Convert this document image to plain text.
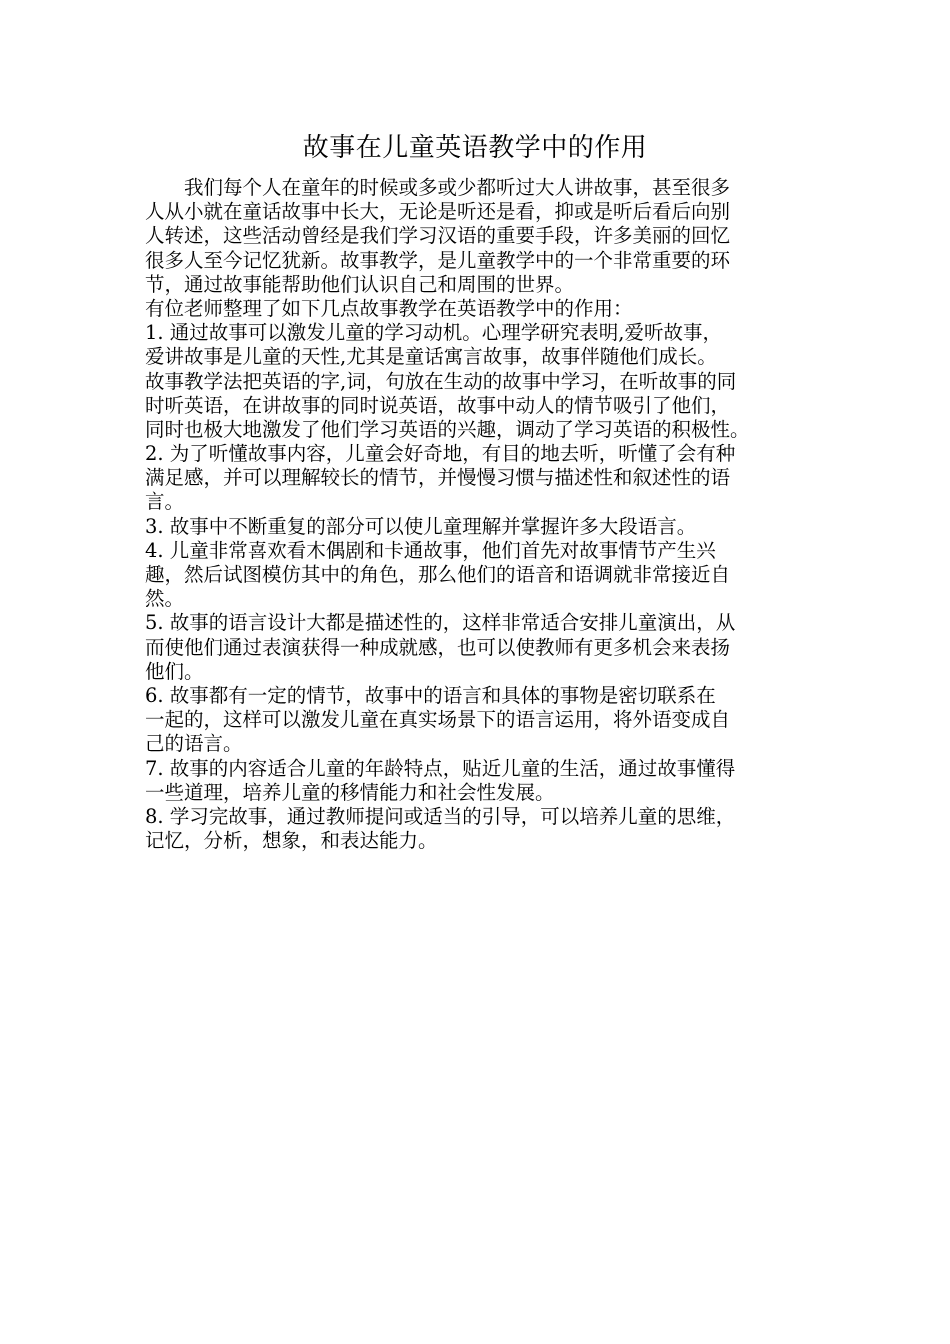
故事在儿童英语教学中的作用
　　我们每个人在童年的时候或多或少都听过大人讲故事，甚至很多
人从小就在童话故事中长大，无论是听还是看，抑或是听后看后向别
人转述，这些活动曾经是我们学习汉语的重要手段，许多美丽的回忆
很多人至今记忆犹新。故事教学，是儿童教学中的一个非常重要的环
节，通过故事能帮助他们认识自己和周围的世界。
有位老师整理了如下几点故事教学在英语教学中的作用：
1. 通过故事可以激发儿童的学习动机。心理学研究表明,爱听故事，
爱讲故事是儿童的天性,尤其是童话寓言故事，故事伴随他们成长。
故事教学法把英语的字,词，句放在生动的故事中学习，在听故事的同
时听英语，在讲故事的同时说英语，故事中动人的情节吸引了他们，
同时也极大地激发了他们学习英语的兴趣，调动了学习英语的积极性。
2. 为了听懂故事内容，儿童会好奇地，有目的地去听，听懂了会有种
满足感，并可以理解较长的情节，并慢慢习惯与描述性和叙述性的语
言。
3. 故事中不断重复的部分可以使儿童理解并掌握许多大段语言。
4. 儿童非常喜欢看木偶剧和卡通故事，他们首先对故事情节产生兴
趣，然后试图模仿其中的角色，那么他们的语音和语调就非常接近自
然。
5. 故事的语言设计大都是描述性的，这样非常适合安排儿童演出，从
而使他们通过表演获得一种成就感，也可以使教师有更多机会来表扬
他们。
6. 故事都有一定的情节，故事中的语言和具体的事物是密切联系在
一起的，这样可以激发儿童在真实场景下的语言运用，将外语变成自
己的语言。
7. 故事的内容适合儿童的年龄特点，贴近儿童的生活，通过故事懂得
一些道理，培养儿童的移情能力和社会性发展。
8. 学习完故事，通过教师提问或适当的引导，可以培养儿童的思维，
记忆，分析，想象，和表达能力。
